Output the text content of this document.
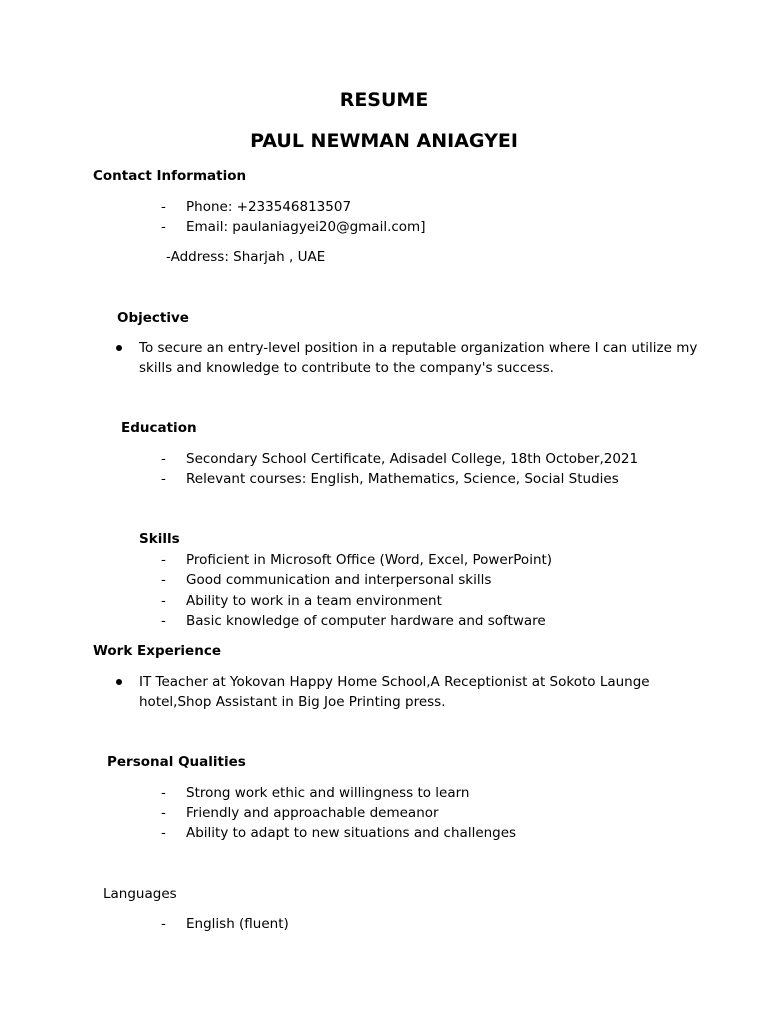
RESUME
PAUL NEWMAN ANIAGYEI
Contact Information
- Phone: +233546813507
- Email: paulaniagyei20@gmail.com]
-Address: Sharjah , UAE
Objective
To secure an entry-level position in a reputable organization where I can utilize my
skills and knowledge to contribute to the company's success.
Education
- Secondary School Certificate, Adisadel College, 18th October,2021
- Relevant courses: English, Mathematics, Science, Social Studies
Skills
- Proficient in Microsoft Office (Word, Excel, PowerPoint)
- Good communication and interpersonal skills
- Ability to work in a team environment
- Basic knowledge of computer hardware and software
Work Experience
IT Teacher at Yokovan Happy Home School,A Receptionist at Sokoto Launge
hotel,Shop Assistant in Big Joe Printing press.
Personal Qualities
- Strong work ethic and willingness to learn
- Friendly and approachable demeanor
- Ability to adapt to new situations and challenges
Languages
- English (fluent)
